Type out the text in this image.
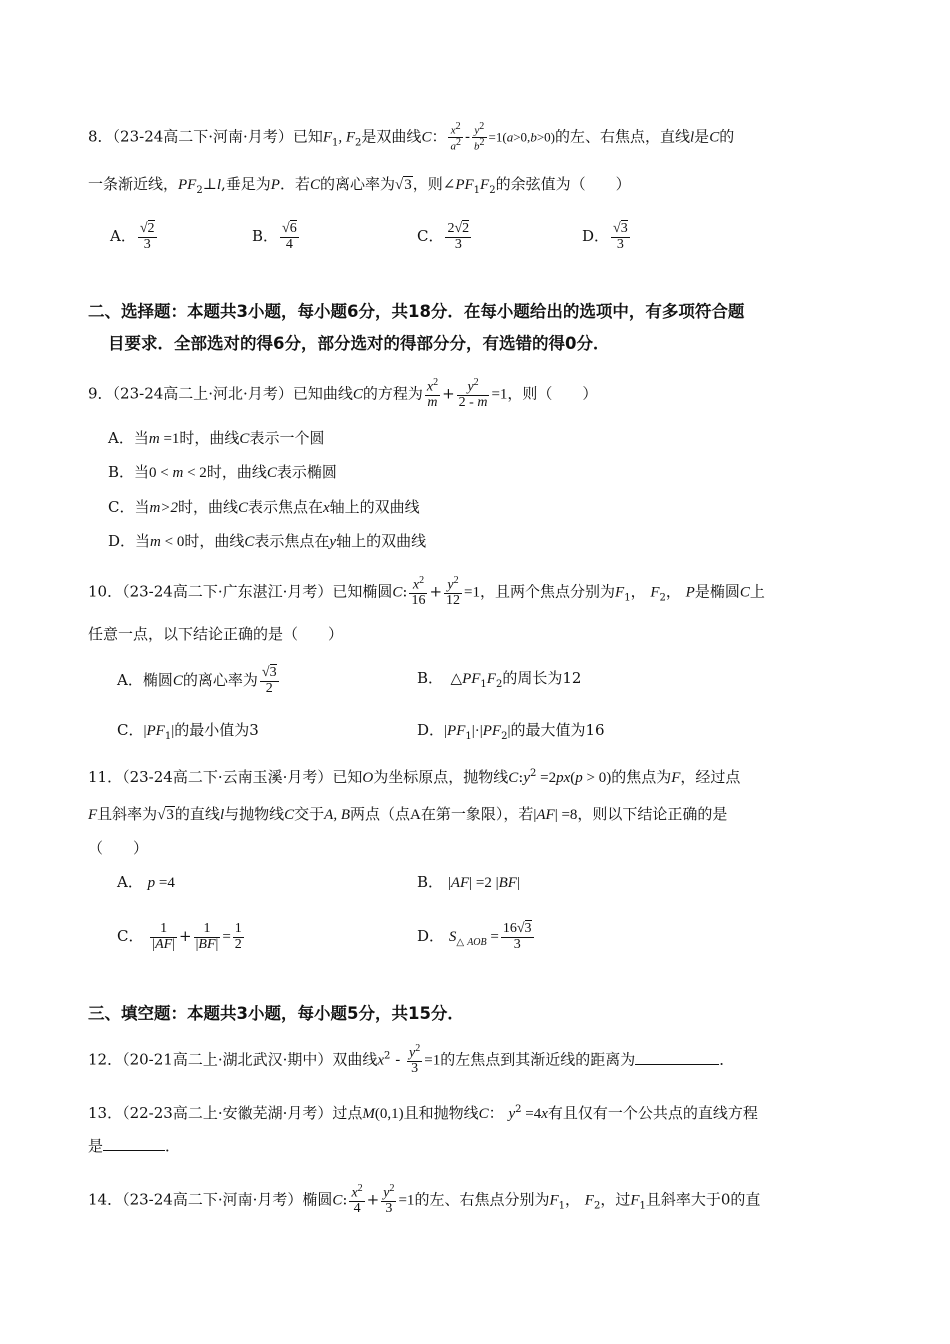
8．（23-24高二下·河南·月考）已知$F_1$, $F_2$是双曲线C： $\frac{x^2}{a^2} - \frac{y^2}{b^2} =1(a>0,b>0)$的左、右焦点，直线l是C的
一条渐近线，$PF_2\perp l$,垂足为P．若C的离心率为√3，则$\angle PF_1F_2$的余弦值为（　　）
A． $\frac{√2}{3}$	B． $\frac{√6}{4}$	C． $\frac{2√2}{3}$	D． $\frac{√3}{3}$
二、选择题：本题共3小题，每小题6分，共18分．在每小题给出的选项中，有多项符合题
目要求．全部选对的得6分，部分选对的得部分分，有选错的得0分．
9．（23-24高二上·河北·月考）已知曲线C的方程为 $\frac{x^2}{m} + \frac{y^2}{2 - m} =1$，则（　　）
A．当m =1时，曲线C表示一个圆
B．当0 < m < 2时，曲线C表示椭圆
C．当m>2时，曲线C表示焦点在x轴上的双曲线
D．当m < 0时，曲线C表示焦点在y轴上的双曲线
10．（23-24高二下·广东湛江·月考）已知椭圆C: $\frac{x^2}{16} + \frac{y^2}{12} =1$，且两个焦点分别为$F_1$， $F_2$， P是椭圆C上
任意一点，以下结论正确的是（　　）
A．椭圆C的离心率为 $\frac{√3}{2}$	B．　 $\triangle PF_1F_2$的周长为12
C．$|PF_1|$的最小值为3	D．$|PF_1|\cdot|PF_2|$的最大值为16
11．（23-24高二下·云南玉溪·月考）已知O为坐标原点，抛物线$C:y^2 =2px(p > 0)$的焦点为F，经过点
F且斜率为√3的直线l与抛物线C交于A, B两点（点A在第一象限），若|AF| =8，则以下结论正确的是
（　　）
A． p =4	B． |AF| =2 |BF|
C． $\frac{1}{|AF|} + \frac{1}{|BF|} = \frac{1}{2}$	D． $S_{\triangle AOB} = \frac{16√3}{3}$
三、填空题：本题共3小题，每小题5分，共15分．
12．（20-21高二上·湖北武汉·期中）双曲线$x^2 - \frac{y^2}{3} =1$的左焦点到其渐近线的距离为	．
13．（22-23高二上·安徽芜湖·月考）过点M(0,1)且和抛物线C： $y^2 =4x$有且仅有一个公共点的直线方程
是	．
14．（23-24高二下·河南·月考）椭圆C: $\frac{x^2}{4} + \frac{y^2}{3} =1$的左、右焦点分别为$F_1$， $F_2$，过$F_1$且斜率大于0的直
